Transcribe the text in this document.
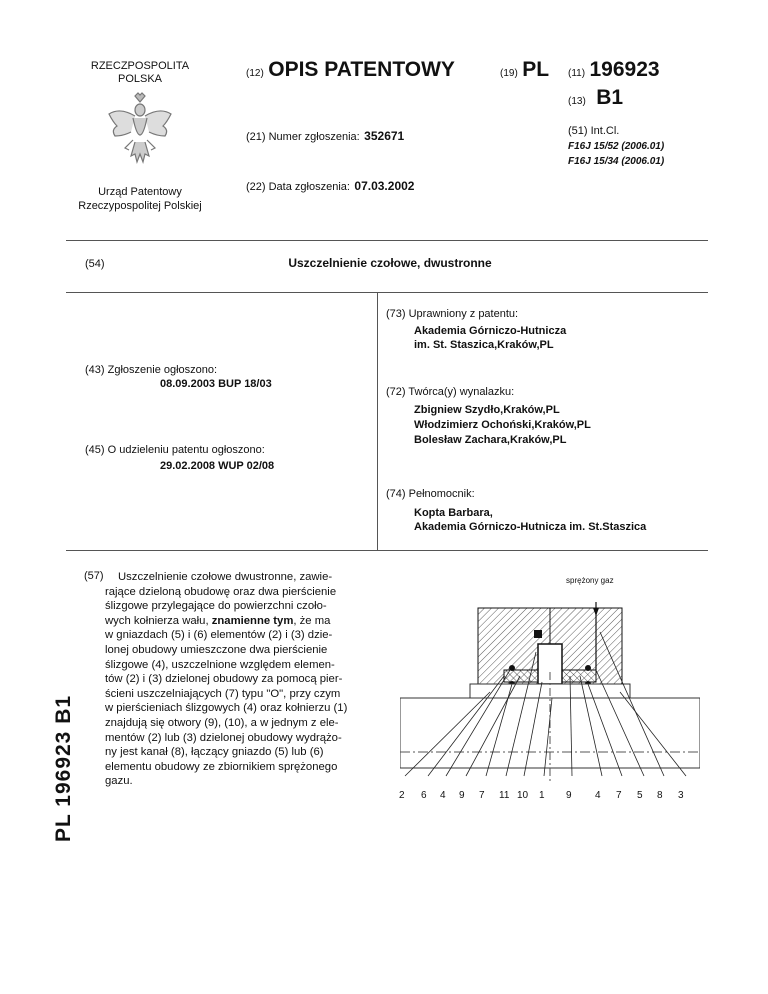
RZECZPOSPOLITA
POLSKA
Urząd Patentowy
Rzeczypospolitej Polskiej
(12) OPIS PATENTOWY	(19) PL (11) 196923
(13) B1
(21) Numer zgłoszenia: 352671
(22) Data zgłoszenia: 07.03.2002
(51) Int.Cl.
F16J 15/52 (2006.01)
F16J 15/34 (2006.01)
(54)	Uszczelnienie czołowe, dwustronne
(43) Zgłoszenie ogłoszono:
08.09.2003 BUP 18/03
(45) O udzieleniu patentu ogłoszono:
29.02.2008 WUP 02/08
(73) Uprawniony z patentu:
Akademia Górniczo-Hutnicza
im. St. Staszica,Kraków,PL
(72) Twórca(y) wynalazku:
Zbigniew Szydło,Kraków,PL
Włodzimierz Ochoński,Kraków,PL
Bolesław Zachara,Kraków,PL
(74) Pełnomocnik:
Kopta Barbara,
Akademia Górniczo-Hutnicza im. St.Staszica
PL 196923 B1
(57)	Uszczelnienie czołowe dwustronne, zawie-
rające dzieloną obudowę oraz dwa pierścienie
ślizgowe przylegające do powierzchni czoło-
wych kołnierza wału, znamienne tym, że ma
w gniazdach (5) i (6) elementów (2) i (3) dzie-
lonej obudowy umieszczone dwa pierścienie
ślizgowe (4), uszczelnione względem elemen-
tów (2) i (3) dzielonej obudowy za pomocą pier-
ścieni uszczelniających (7) typu "O", przy czym
w pierścieniach ślizgowych (4) oraz kołnierzu (1)
znajdują się otwory (9), (10), a w jednym z ele-
mentów (2) lub (3) dzielonej obudowy wydrążo-
ny jest kanał (8), łączący gniazdo (5) lub (6)
elementu obudowy ze zbiornikiem sprężonego
gazu.
sprężony gaz
2 6 4 9 7 11 10 1 9 4 7 5 8 3
